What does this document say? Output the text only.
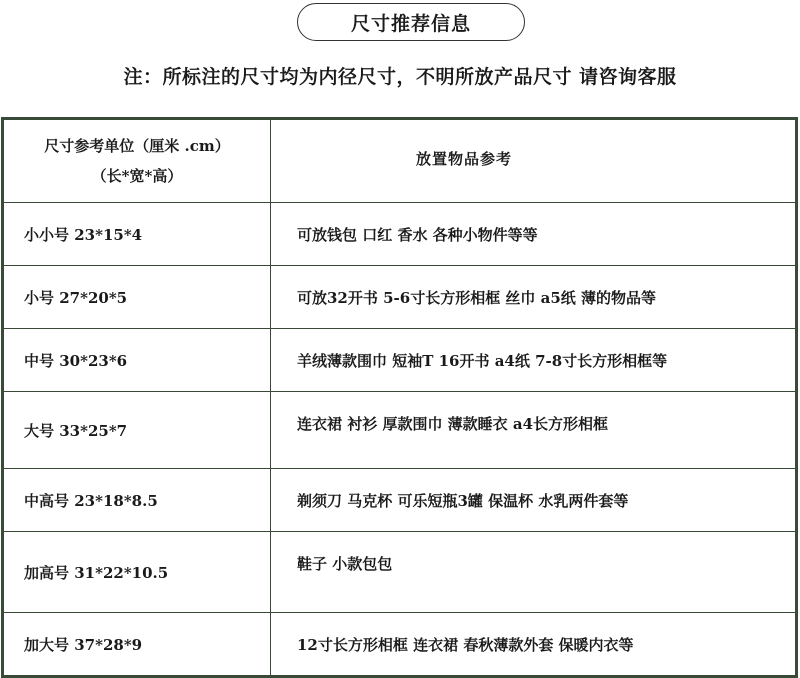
尺寸推荐信息
注：所标注的尺寸均为内径尺寸，不明所放产品尺寸 请咨询客服
尺寸参考单位（厘米 .cm）
（长*宽*高）	放置物品参考
小小号 23*15*4	可放钱包 口红 香水 各种小物件等等
小号 27*20*5	可放32开书 5-6寸长方形相框 丝巾 a5纸 薄的物品等
中号 30*23*6	羊绒薄款围巾 短袖T 16开书 a4纸 7-8寸长方形相框等
大号 33*25*7	连衣裙 衬衫 厚款围巾 薄款睡衣 a4长方形相框
中高号 23*18*8.5	剃须刀 马克杯 可乐短瓶3罐 保温杯 水乳两件套等
加高号 31*22*10.5	鞋子 小款包包
加大号 37*28*9	12寸长方形相框 连衣裙 春秋薄款外套 保暖内衣等
